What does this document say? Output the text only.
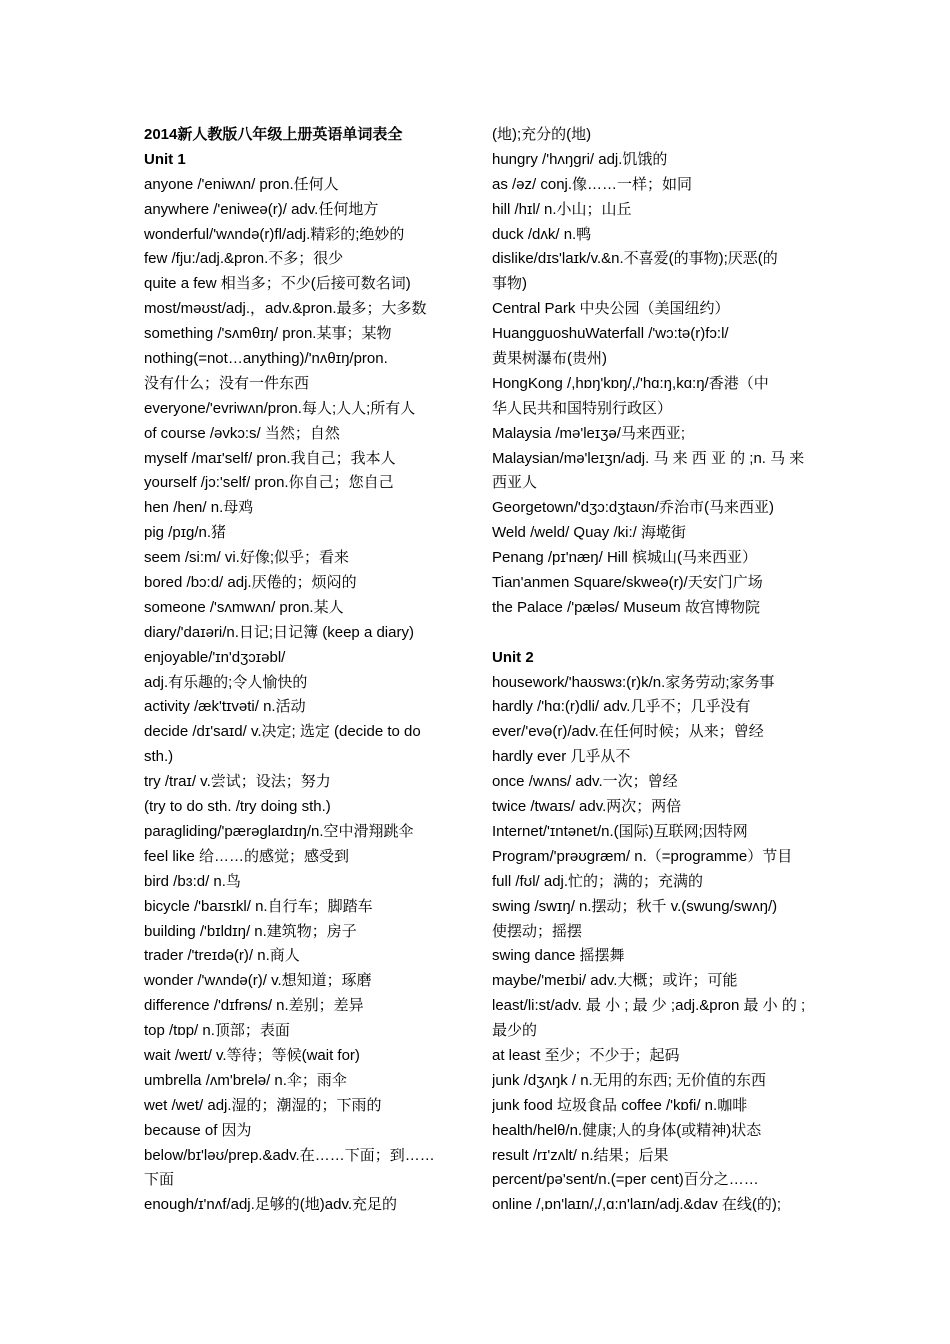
2014新人教版八年级上册英语单词表全
Unit 1
anyone /'eniwʌn/ pron.任何人
anywhere /'eniweə(r)/ adv.任何地方
wonderful/'wʌndə(r)fl/adj.精彩的;绝妙的
few /fju:/adj.&pron.不多；很少
quite a few 相当多；不少(后接可数名词)
most/məʊst/adj.，adv.&pron.最多；大多数
something /'sʌmθɪŋ/ pron.某事；某物
nothing(=not…anything)/'nʌθɪŋ/pron.
没有什么；没有一件东西
everyone/'evriwʌn/pron.每人;人人;所有人
of course /əvkɔ:s/ 当然；自然
myself /maɪ'self/ pron.我自己；我本人
yourself /jɔ:'self/ pron.你自己；您自己
hen /hen/ n.母鸡
pig /pɪg/n.猪
seem /si:m/ vi.好像;似乎；看来
bored /bɔ:d/ adj.厌倦的；烦闷的
someone /'sʌmwʌn/ pron.某人
diary/'daɪəri/n.日记;日记簿 (keep a diary)
enjoyable/'ɪn'dʒɔɪəbl/
adj.有乐趣的;令人愉快的
activity /æk'tɪvəti/ n.活动
decide /dɪ'saɪd/ v.决定; 选定 (decide to do
sth.)
try /traɪ/ v.尝试；设法；努力
(try to do sth. /try doing sth.)
paragliding/'pærəglaɪdɪŋ/n.空中滑翔跳伞
feel like 给……的感觉；感受到
bird /bɜ:d/ n.鸟
bicycle /'baɪsɪkl/ n.自行车；脚踏车
building /'bɪldɪŋ/ n.建筑物；房子
trader /'treɪdə(r)/ n.商人
wonder /'wʌndə(r)/ v.想知道；琢磨
difference /'dɪfrəns/ n.差别；差异
top /tɒp/ n.顶部；表面
wait /weɪt/ v.等待；等候(wait for)
umbrella /ʌm'brelə/ n.伞；雨伞
wet /wet/ adj.湿的；潮湿的；下雨的
because of 因为
below/bɪ'ləʊ/prep.&adv.在……下面；到……
下面
enough/ɪ'nʌf/adj.足够的(地)adv.充足的
(地);充分的(地)
hungry /'hʌŋgri/ adj.饥饿的
as /əz/ conj.像……一样；如同
hill /hɪl/ n.小山；山丘
duck /dʌk/ n.鸭
dislike/dɪs'laɪk/v.&n.不喜爱(的事物);厌恶(的
事物)
Central Park 中央公园（美国纽约）
HuangguoshuWaterfall /'wɔ:tə(r)fɔ:l/
黄果树瀑布(贵州)
HongKong /,hɒŋ'kɒŋ/,/'hɑ:ŋ,kɑ:ŋ/香港（中
华人民共和国特别行政区）
Malaysia /mə'leɪʒə/马来西亚;
Malaysian/mə'leɪʒn/adj. 马 来 西 亚 的 ;n. 马 来
西亚人
Georgetown/'dʒɔ:dʒtaʊn/乔治市(马来西亚)
Weld /weld/ Quay /ki:/ 海墘街
Penang /pɪ'næŋ/ Hill 槟城山(马来西亚）
Tian'anmen Square/skweə(r)/天安门广场
the Palace /'pæləs/ Museum 故宫博物院
Unit 2
housework/'haʊswɜ:(r)k/n.家务劳动;家务事
hardly /'hɑ:(r)dli/ adv.几乎不；几乎没有
ever/'evə(r)/adv.在任何时候；从来；曾经
hardly ever 几乎从不
once /wʌns/ adv.一次；曾经
twice /twaɪs/ adv.两次；两倍
Internet/'ɪntənet/n.(国际)互联网;因特网
Program/'prəʊgræm/ n.（=programme）节目
full /fʊl/ adj.忙的；满的；充满的
swing /swɪŋ/ n.摆动；秋千 v.(swung/swʌŋ/)
使摆动；摇摆
swing dance 摇摆舞
maybe/'meɪbi/ adv.大概；或许；可能
least/li:st/adv. 最 小 ; 最 少 ;adj.&pron 最 小 的 ;
最少的
at least 至少；不少于；起码
junk /dʒʌŋk / n.无用的东西; 无价值的东西
junk food 垃圾食品 coffee /'kɒfi/ n.咖啡
health/helθ/n.健康;人的身体(或精神)状态
result /rɪ'zʌlt/ n.结果；后果
percent/pə'sent/n.(=per cent)百分之……
online /,ɒn'laɪn/,/,ɑ:n'laɪn/adj.&dav 在线(的);
